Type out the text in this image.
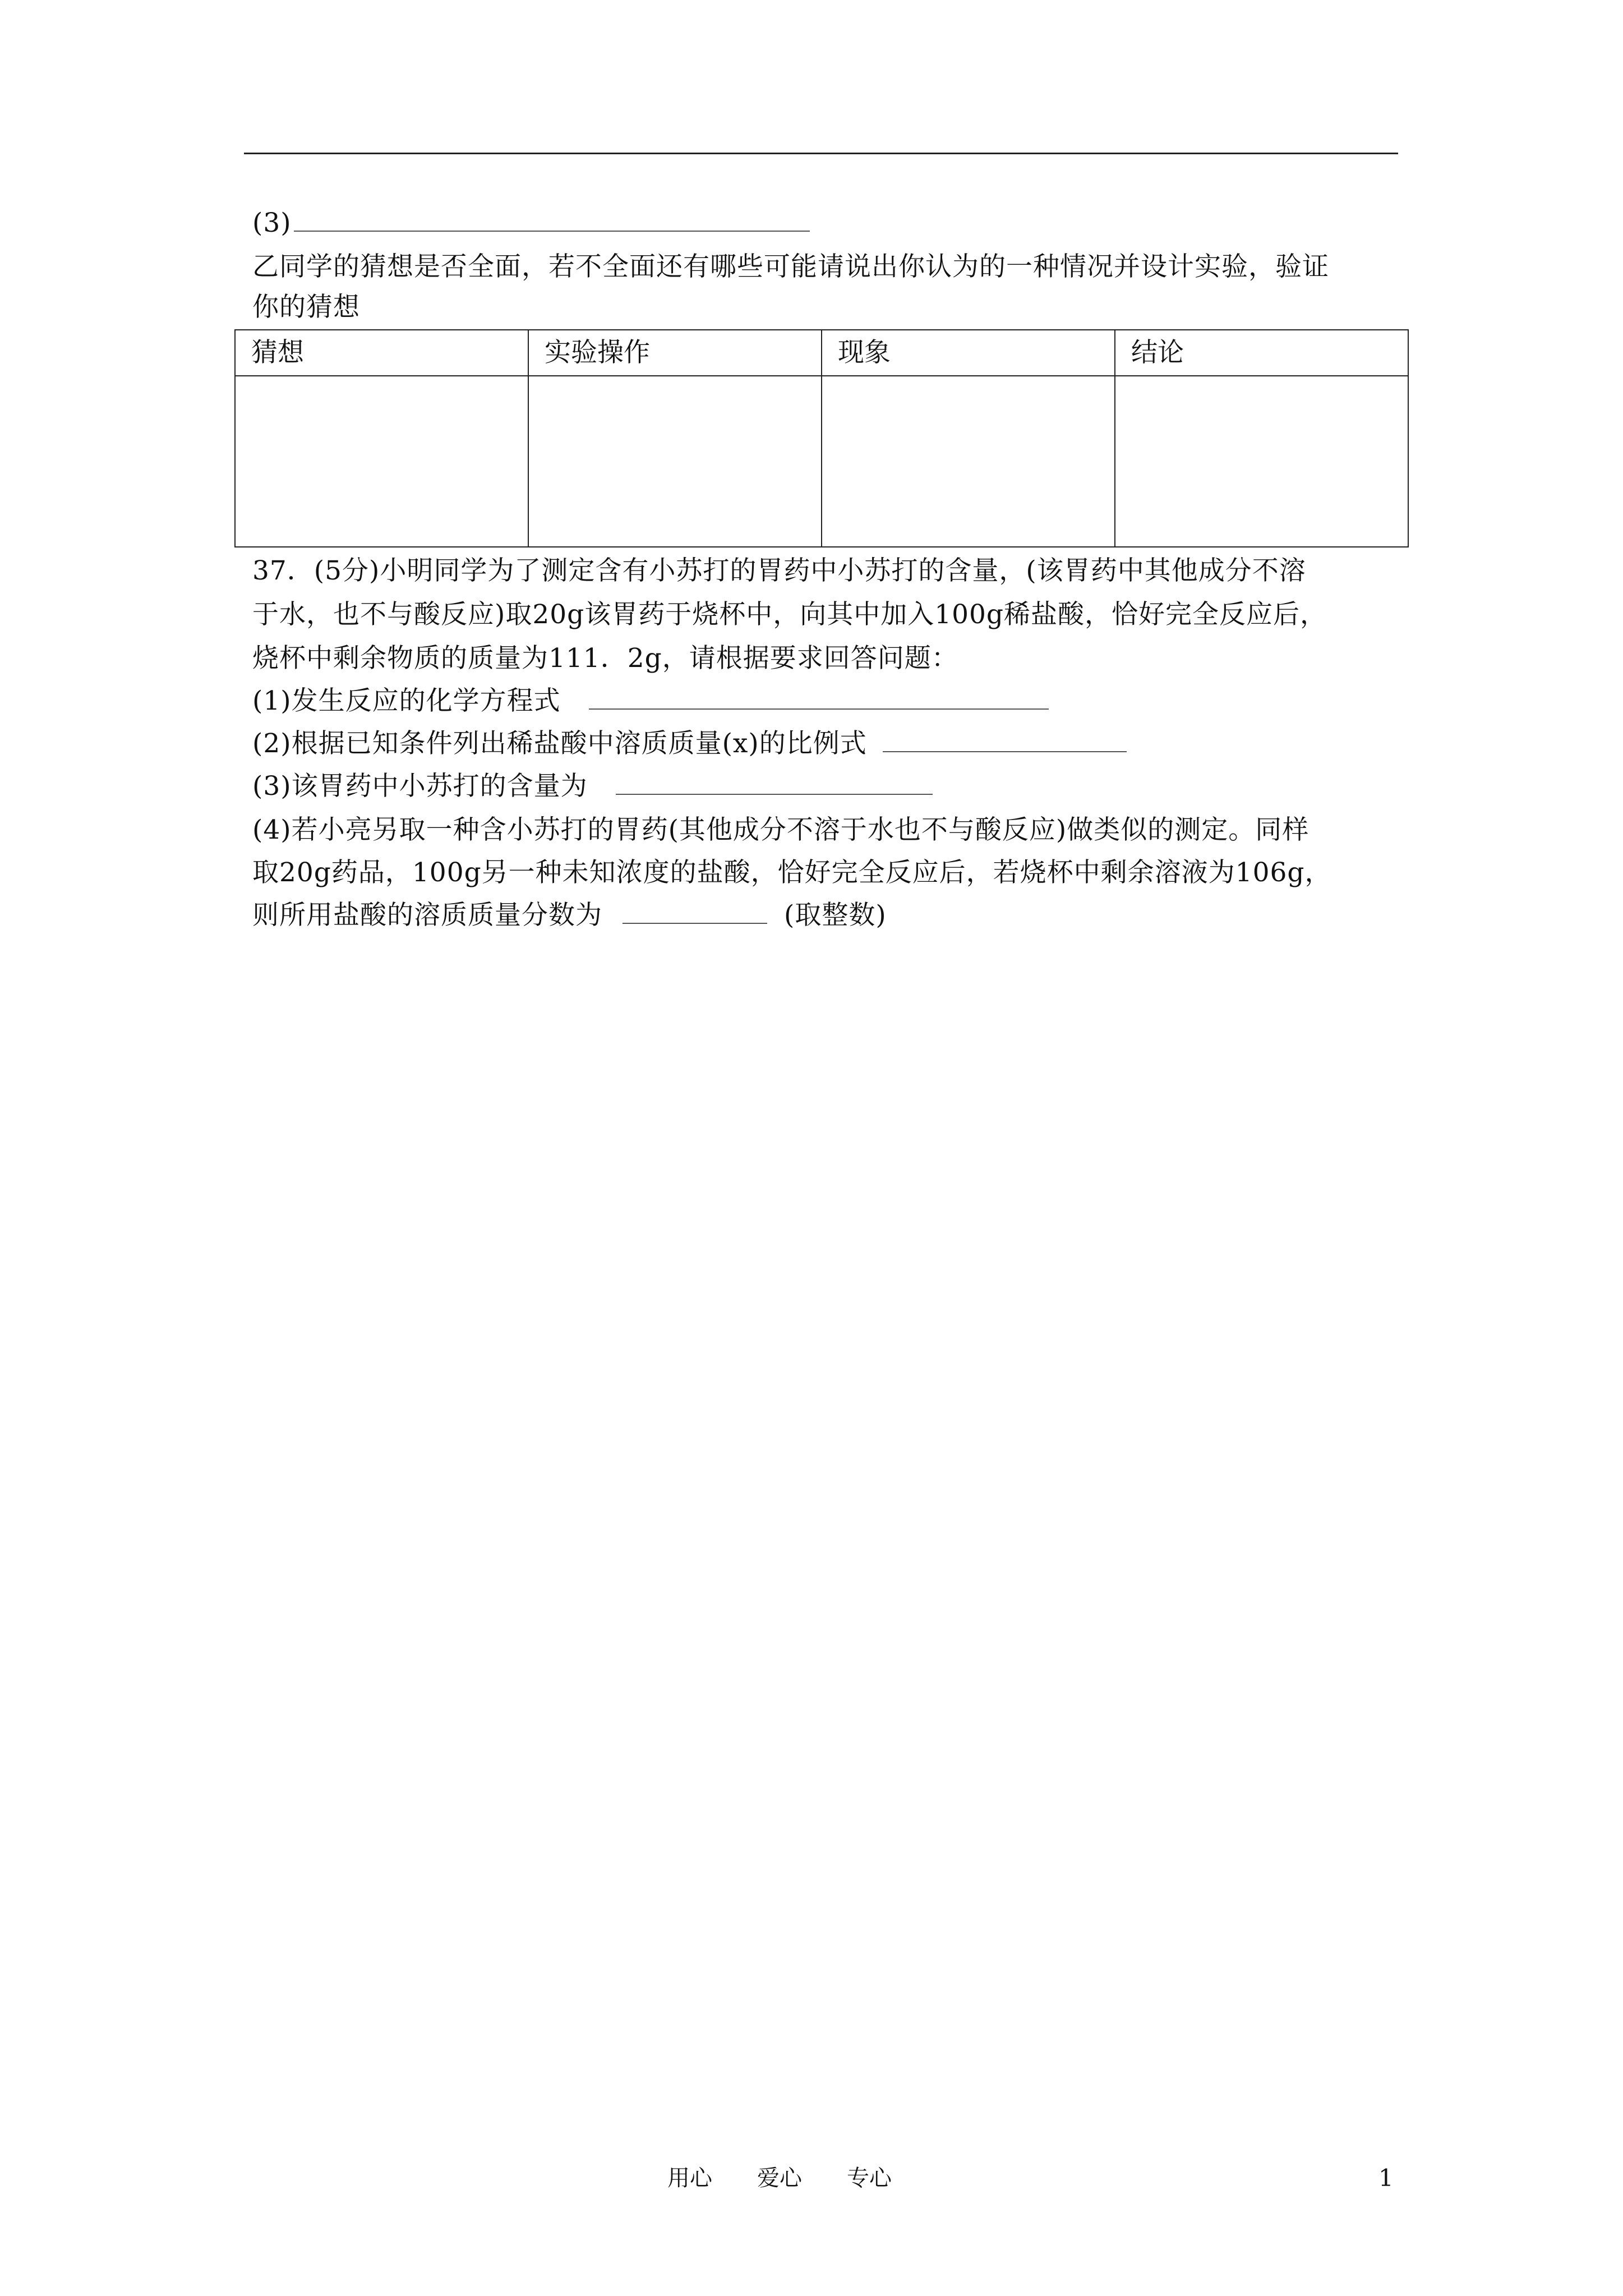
(3)
乙同学的猜想是否全面，若不全面还有哪些可能请说出你认为的一种情况并设计实验，验证
你的猜想
猜想	实验操作	现象	结论

37．(5分)小明同学为了测定含有小苏打的胃药中小苏打的含量，(该胃药中其他成分不溶
于水，也不与酸反应)取20g该胃药于烧杯中，向其中加入100g稀盐酸，恰好完全反应后，
烧杯中剩余物质的质量为111．2g，请根据要求回答问题：
(1)发生反应的化学方程式
(2)根据已知条件列出稀盐酸中溶质质量(x)的比例式
(3)该胃药中小苏打的含量为
(4)若小亮另取一种含小苏打的胃药(其他成分不溶于水也不与酸反应)做类似的测定。同样
取20g药品，100g另一种未知浓度的盐酸，恰好完全反应后，若烧杯中剩余溶液为106g，
则所用盐酸的溶质质量分数为	(取整数)
用心 爱心 专心	1
